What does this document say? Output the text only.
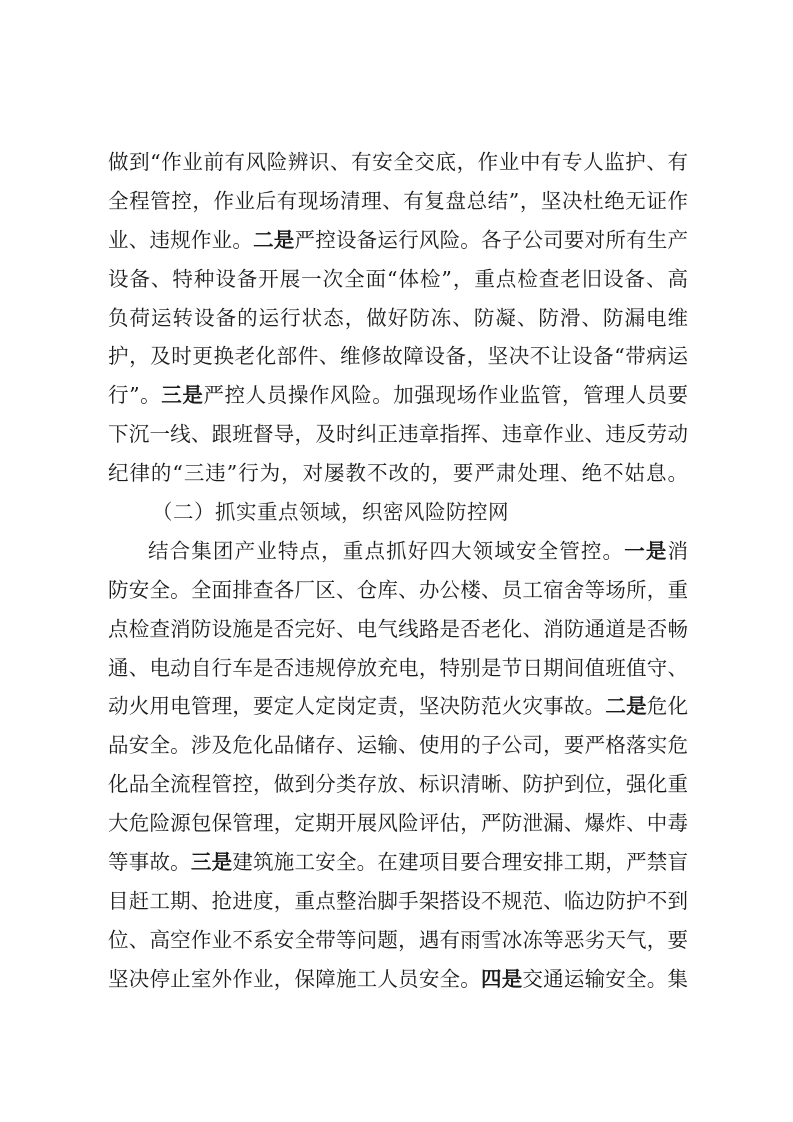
做到“作业前有风险辨识、有安全交底，作业中有专人监护、有
全程管控，作业后有现场清理、有复盘总结”，坚决杜绝无证作
业、违规作业。二是严控设备运行风险。各子公司要对所有生产
设备、特种设备开展一次全面“体检”，重点检查老旧设备、高
负荷运转设备的运行状态，做好防冻、防凝、防滑、防漏电维
护，及时更换老化部件、维修故障设备，坚决不让设备“带病运
行”。三是严控人员操作风险。加强现场作业监管，管理人员要
下沉一线、跟班督导，及时纠正违章指挥、违章作业、违反劳动
纪律的“三违”行为，对屡教不改的，要严肃处理、绝不姑息。
（二）抓实重点领域，织密风险防控网
结合集团产业特点，重点抓好四大领域安全管控。一是消
防安全。全面排查各厂区、仓库、办公楼、员工宿舍等场所，重
点检查消防设施是否完好、电气线路是否老化、消防通道是否畅
通、电动自行车是否违规停放充电，特别是节日期间值班值守、
动火用电管理，要定人定岗定责，坚决防范火灾事故。二是危化
品安全。涉及危化品储存、运输、使用的子公司，要严格落实危
化品全流程管控，做到分类存放、标识清晰、防护到位，强化重
大危险源包保管理，定期开展风险评估，严防泄漏、爆炸、中毒
等事故。三是建筑施工安全。在建项目要合理安排工期，严禁盲
目赶工期、抢进度，重点整治脚手架搭设不规范、临边防护不到
位、高空作业不系安全带等问题，遇有雨雪冰冻等恶劣天气，要
坚决停止室外作业，保障施工人员安全。四是交通运输安全。集
